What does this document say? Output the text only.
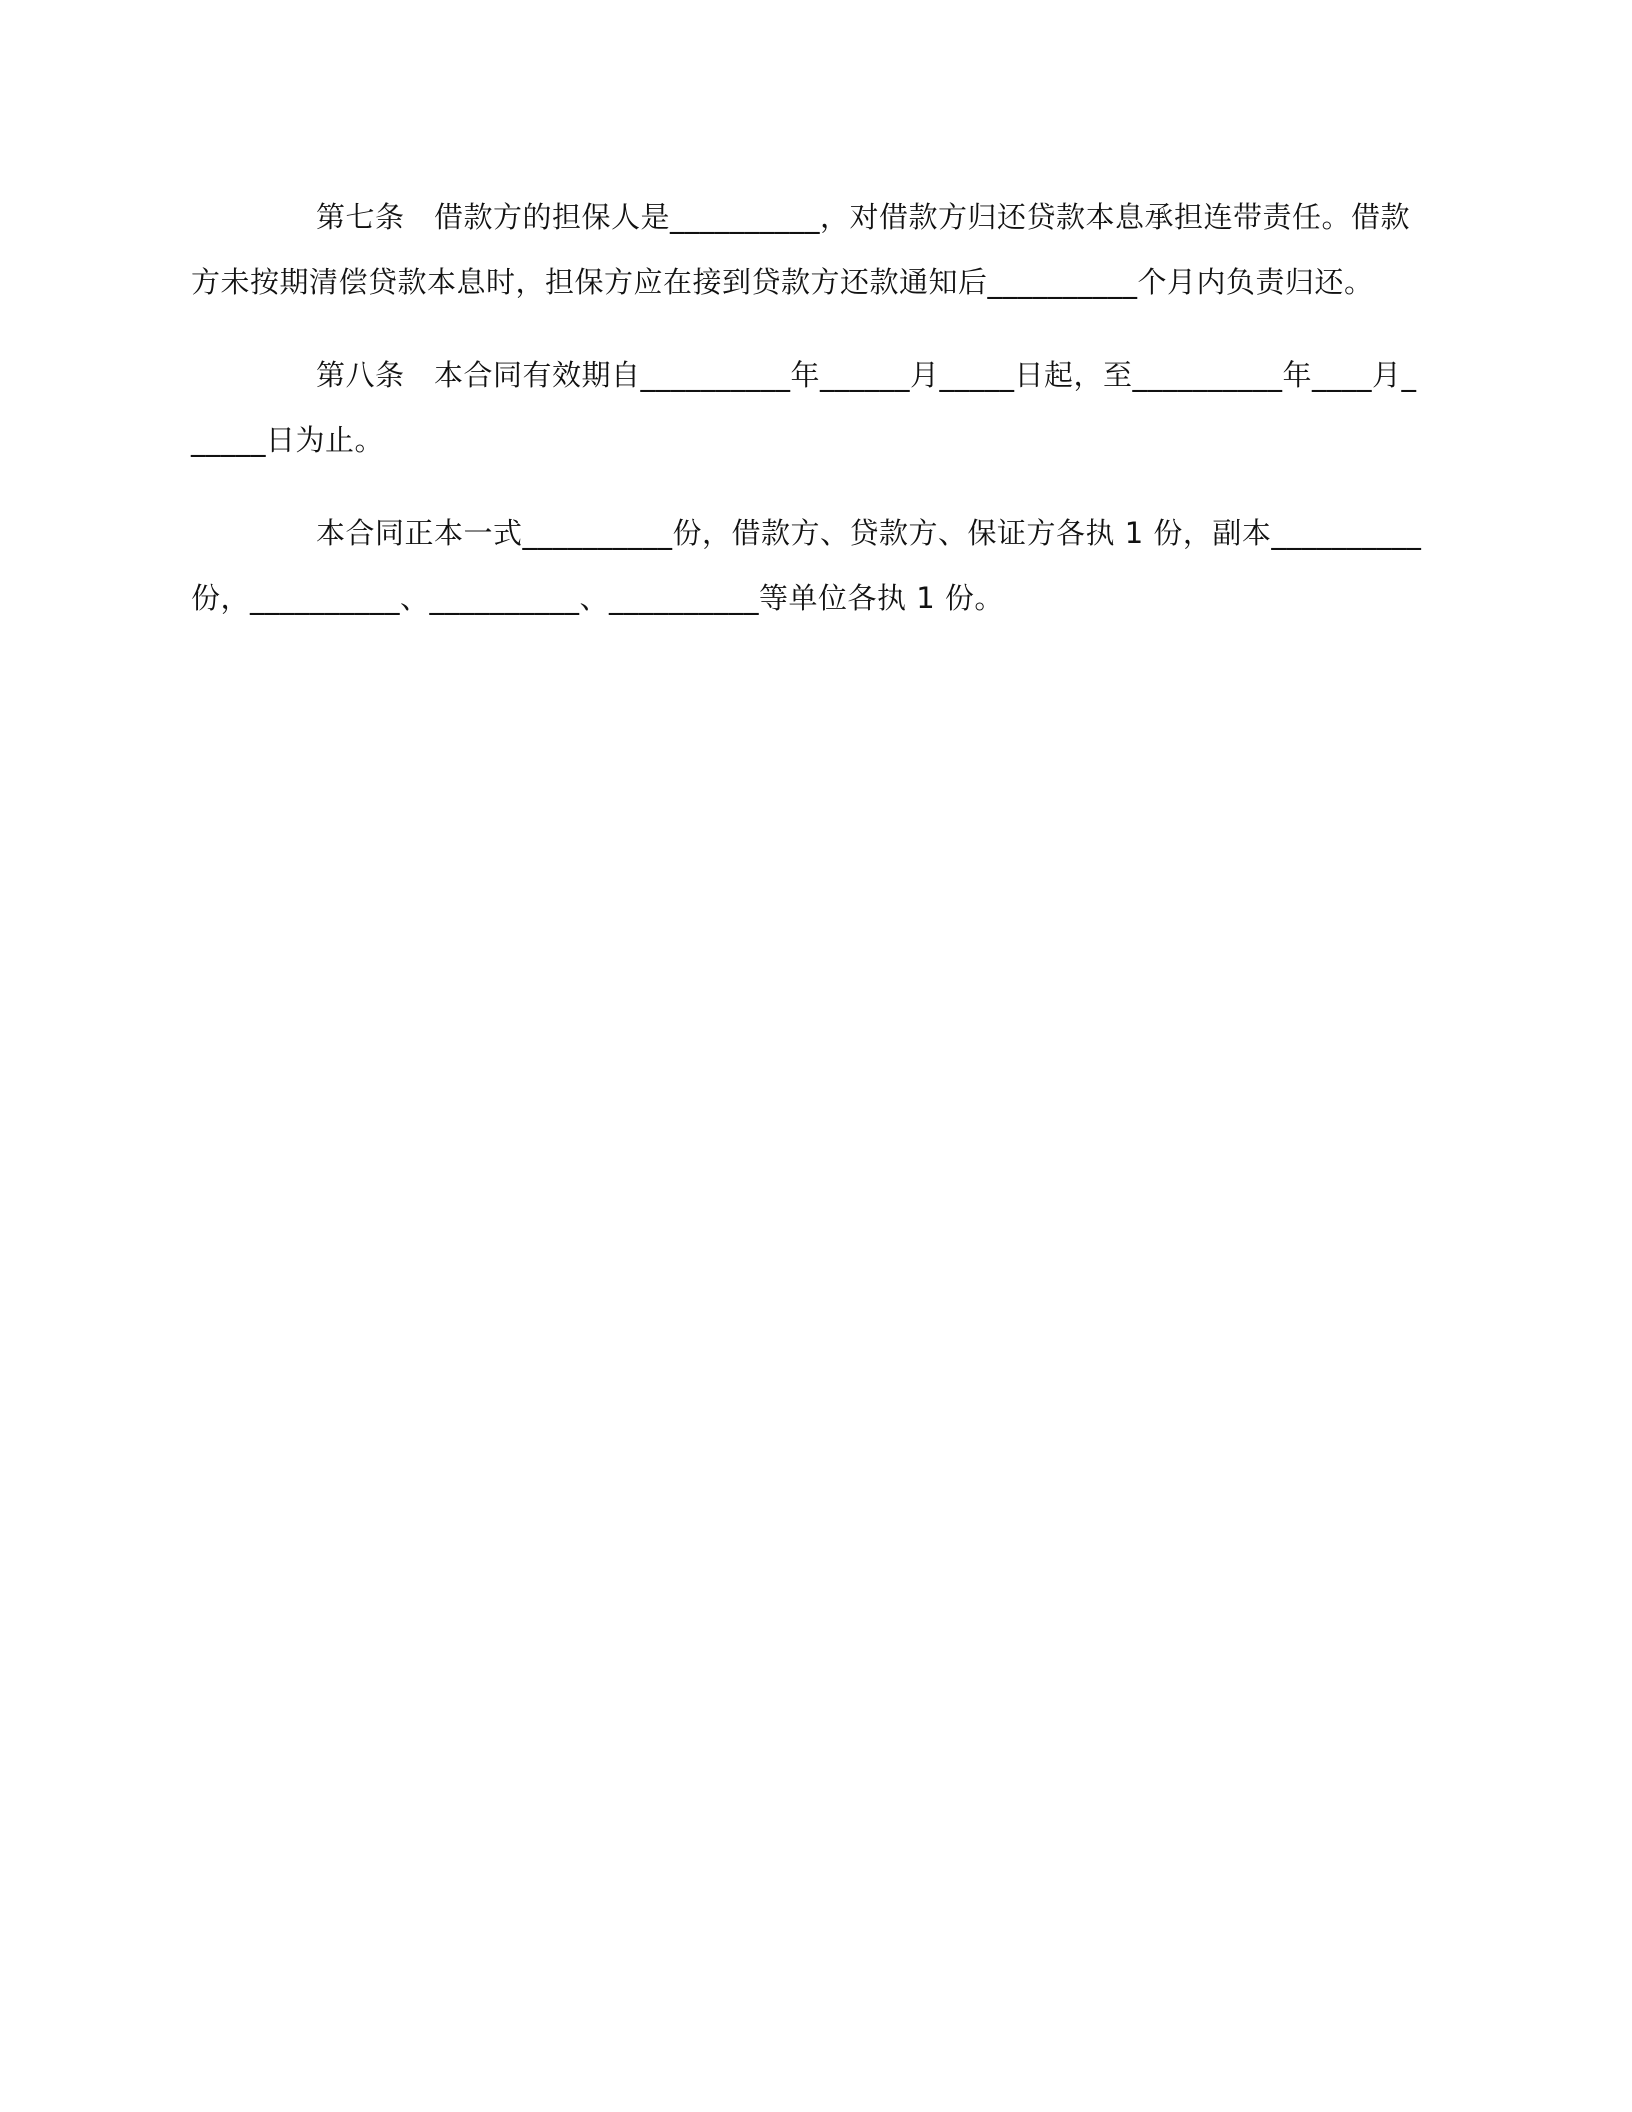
第七条　借款方的担保人是__________，对借款方归还贷款本息承担连带责任。借款方未按期清偿贷款本息时，担保方应在接到贷款方还款通知后__________个月内负责归还。

第八条　本合同有效期自__________年______月_____日起，至__________年____月______日为止。

本合同正本一式__________份，借款方、贷款方、保证方各执 1 份，副本__________份，__________、__________、__________等单位各执 1 份。
